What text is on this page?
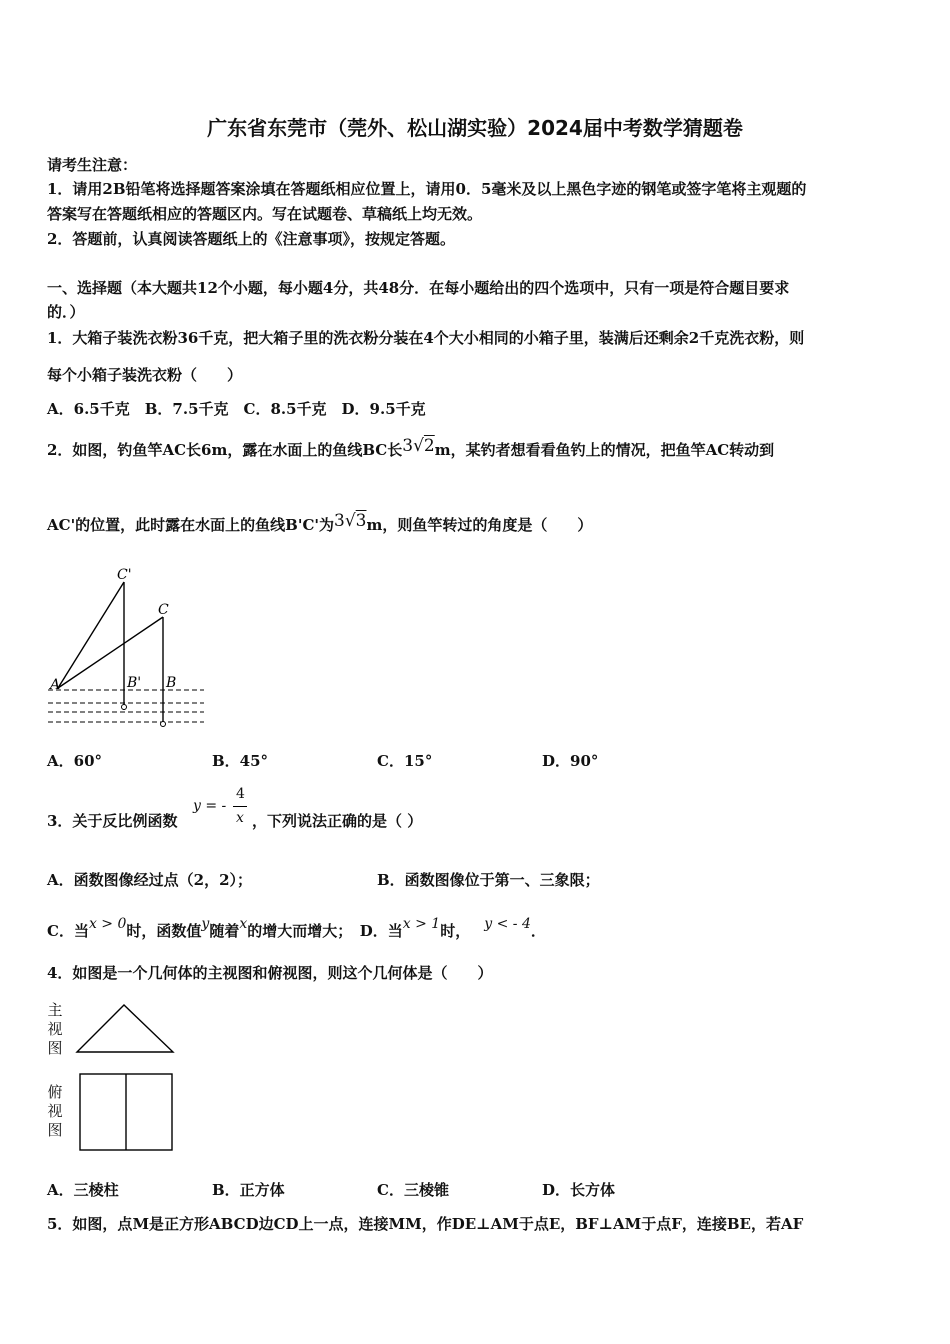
广东省东莞市（莞外、松山湖实验）2024届中考数学猜题卷
请考生注意：
1．请用2B铅笔将选择题答案涂填在答题纸相应位置上，请用0．5毫米及以上黑色字迹的钢笔或签字笔将主观题的
答案写在答题纸相应的答题区内。写在试题卷、草稿纸上均无效。
2．答题前，认真阅读答题纸上的《注意事项》，按规定答题。
一、选择题（本大题共12个小题，每小题4分，共48分．在每小题给出的四个选项中，只有一项是符合题目要求
的．）
1．大箱子装洗衣粉36千克，把大箱子里的洗衣粉分装在4个大小相同的小箱子里，装满后还剩余2千克洗衣粉，则
每个小箱子装洗衣粉（　　）
A．6.5千克　B．7.5千克　C．8.5千克　D．9.5千克
2．如图，钓鱼竿AC长6m，露在水面上的鱼线BC长3√2m，某钓者想看看鱼钓上的情况，把鱼竿AC转动到
AC'的位置，此时露在水面上的鱼线B'C'为3√3m，则鱼竿转过的角度是（　　）
C'
C
A	B' B
A．60°	B．45°	C．15°	D．90°
3．关于反比例函数
y = -
4
x ，下列说法正确的是（ ）
A．函数图像经过点（2，2）；	B．函数图像位于第一、三象限；
C．当x > 0时，函数值y随着x的增大而增大；　D．当x > 1时， y < - 4．
4．如图是一个几何体的主视图和俯视图，则这个几何体是（　　）
主
视
图
俯
视
图
A．三棱柱	B．正方体	C．三棱锥	D．长方体
5．如图，点M是正方形ABCD边CD上一点，连接MM，作DE⊥AM于点E，BF⊥AM于点F，连接BE，若AF
